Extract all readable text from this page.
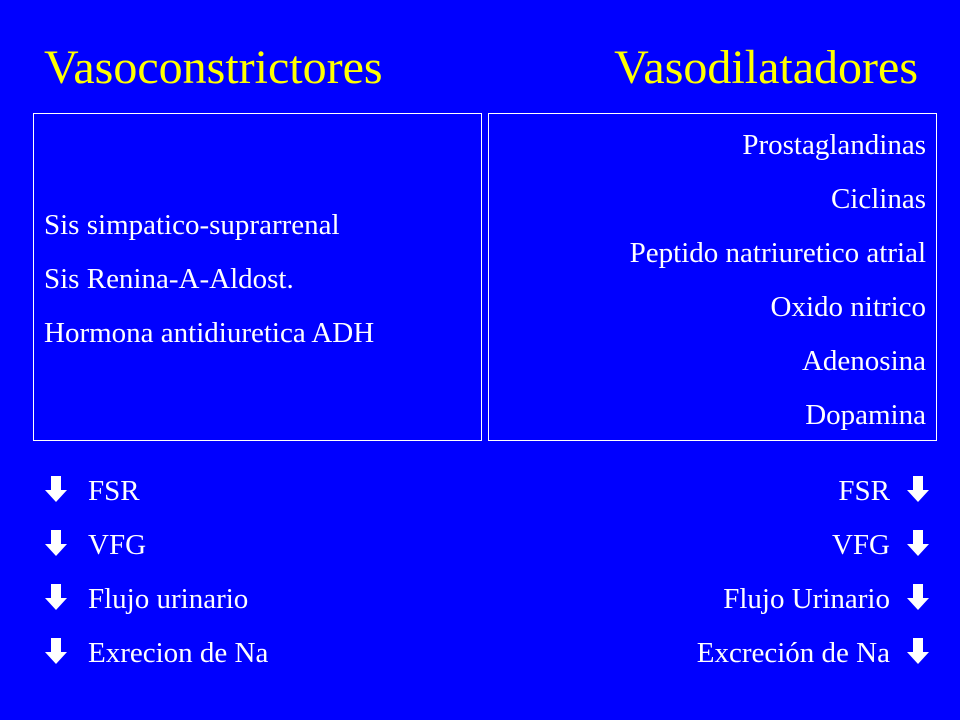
Vasoconstrictores	Vasodilatadores
Sis simpatico-suprarrenal
Sis Renina-A-Aldost.
Hormona antidiuretica ADH
Prostaglandinas
Ciclinas
Peptido natriuretico atrial
Oxido nitrico
Adenosina
Dopamina
FSR
VFG
Flujo urinario
Exrecion de Na
FSR
VFG
Flujo Urinario
Excreción de Na
